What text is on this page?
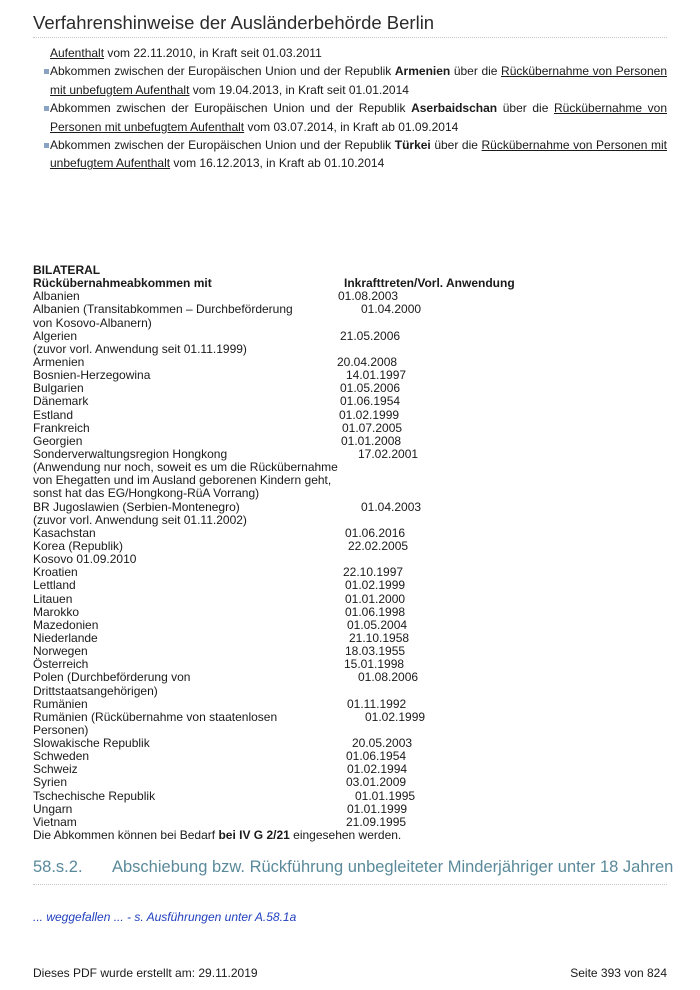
Verfahrenshinweise der Ausländerbehörde Berlin
Aufenthalt vom 22.11.2010, in Kraft seit 01.03.2011
Abkommen zwischen der Europäischen Union und der Republik Armenien über die Rückübernahme von Personen mit unbefugtem Aufenthalt vom 19.04.2013, in Kraft seit 01.01.2014
Abkommen zwischen der Europäischen Union und der Republik Aserbaidschan über die Rückübernahme von Personen mit unbefugtem Aufenthalt vom 03.07.2014, in Kraft ab 01.09.2014
Abkommen zwischen der Europäischen Union und der Republik Türkei über die Rückübernahme von Personen mit unbefugtem Aufenthalt vom 16.12.2013, in Kraft ab 01.10.2014
BILATERAL
Rückübernahmeabkommen mit	Inkrafttreten/Vorl. Anwendung
Albanien	01.08.2003
Albanien (Transitabkommen – Durchbeförderung	01.04.2000
von Kosovo-Albanern)
Algerien	21.05.2006
(zuvor vorl. Anwendung seit 01.11.1999)
Armenien	20.04.2008
Bosnien-Herzegowina	14.01.1997
Bulgarien	01.05.2006
Dänemark	01.06.1954
Estland	01.02.1999
Frankreich	01.07.2005
Georgien	01.01.2008
Sonderverwaltungsregion Hongkong	17.02.2001
(Anwendung nur noch, soweit es um die Rückübernahme
von Ehegatten und im Ausland geborenen Kindern geht,
sonst hat das EG/Hongkong-RüA Vorrang)
BR Jugoslawien (Serbien-Montenegro)	01.04.2003
(zuvor vorl. Anwendung seit 01.11.2002)
Kasachstan	01.06.2016
Korea (Republik)	22.02.2005
Kosovo 01.09.2010
Kroatien	22.10.1997
Lettland	01.02.1999
Litauen	01.01.2000
Marokko	01.06.1998
Mazedonien	01.05.2004
Niederlande	21.10.1958
Norwegen	18.03.1955
Österreich	15.01.1998
Polen (Durchbeförderung von	01.08.2006
Drittstaatsangehörigen)
Rumänien	01.11.1992
Rumänien (Rückübernahme von staatenlosen	01.02.1999
Personen)
Slowakische Republik	20.05.2003
Schweden	01.06.1954
Schweiz	01.02.1994
Syrien	03.01.2009
Tschechische Republik	01.01.1995
Ungarn	01.01.1999
Vietnam	21.09.1995
Die Abkommen können bei Bedarf bei IV G 2/21 eingesehen werden.
58.s.2. Abschiebung bzw. Rückführung unbegleiteter Minderjähriger unter 18 Jahren
... weggefallen ... - s. Ausführungen unter A.58.1a
Dieses PDF wurde erstellt am: 29.11.2019	Seite 393 von 824
